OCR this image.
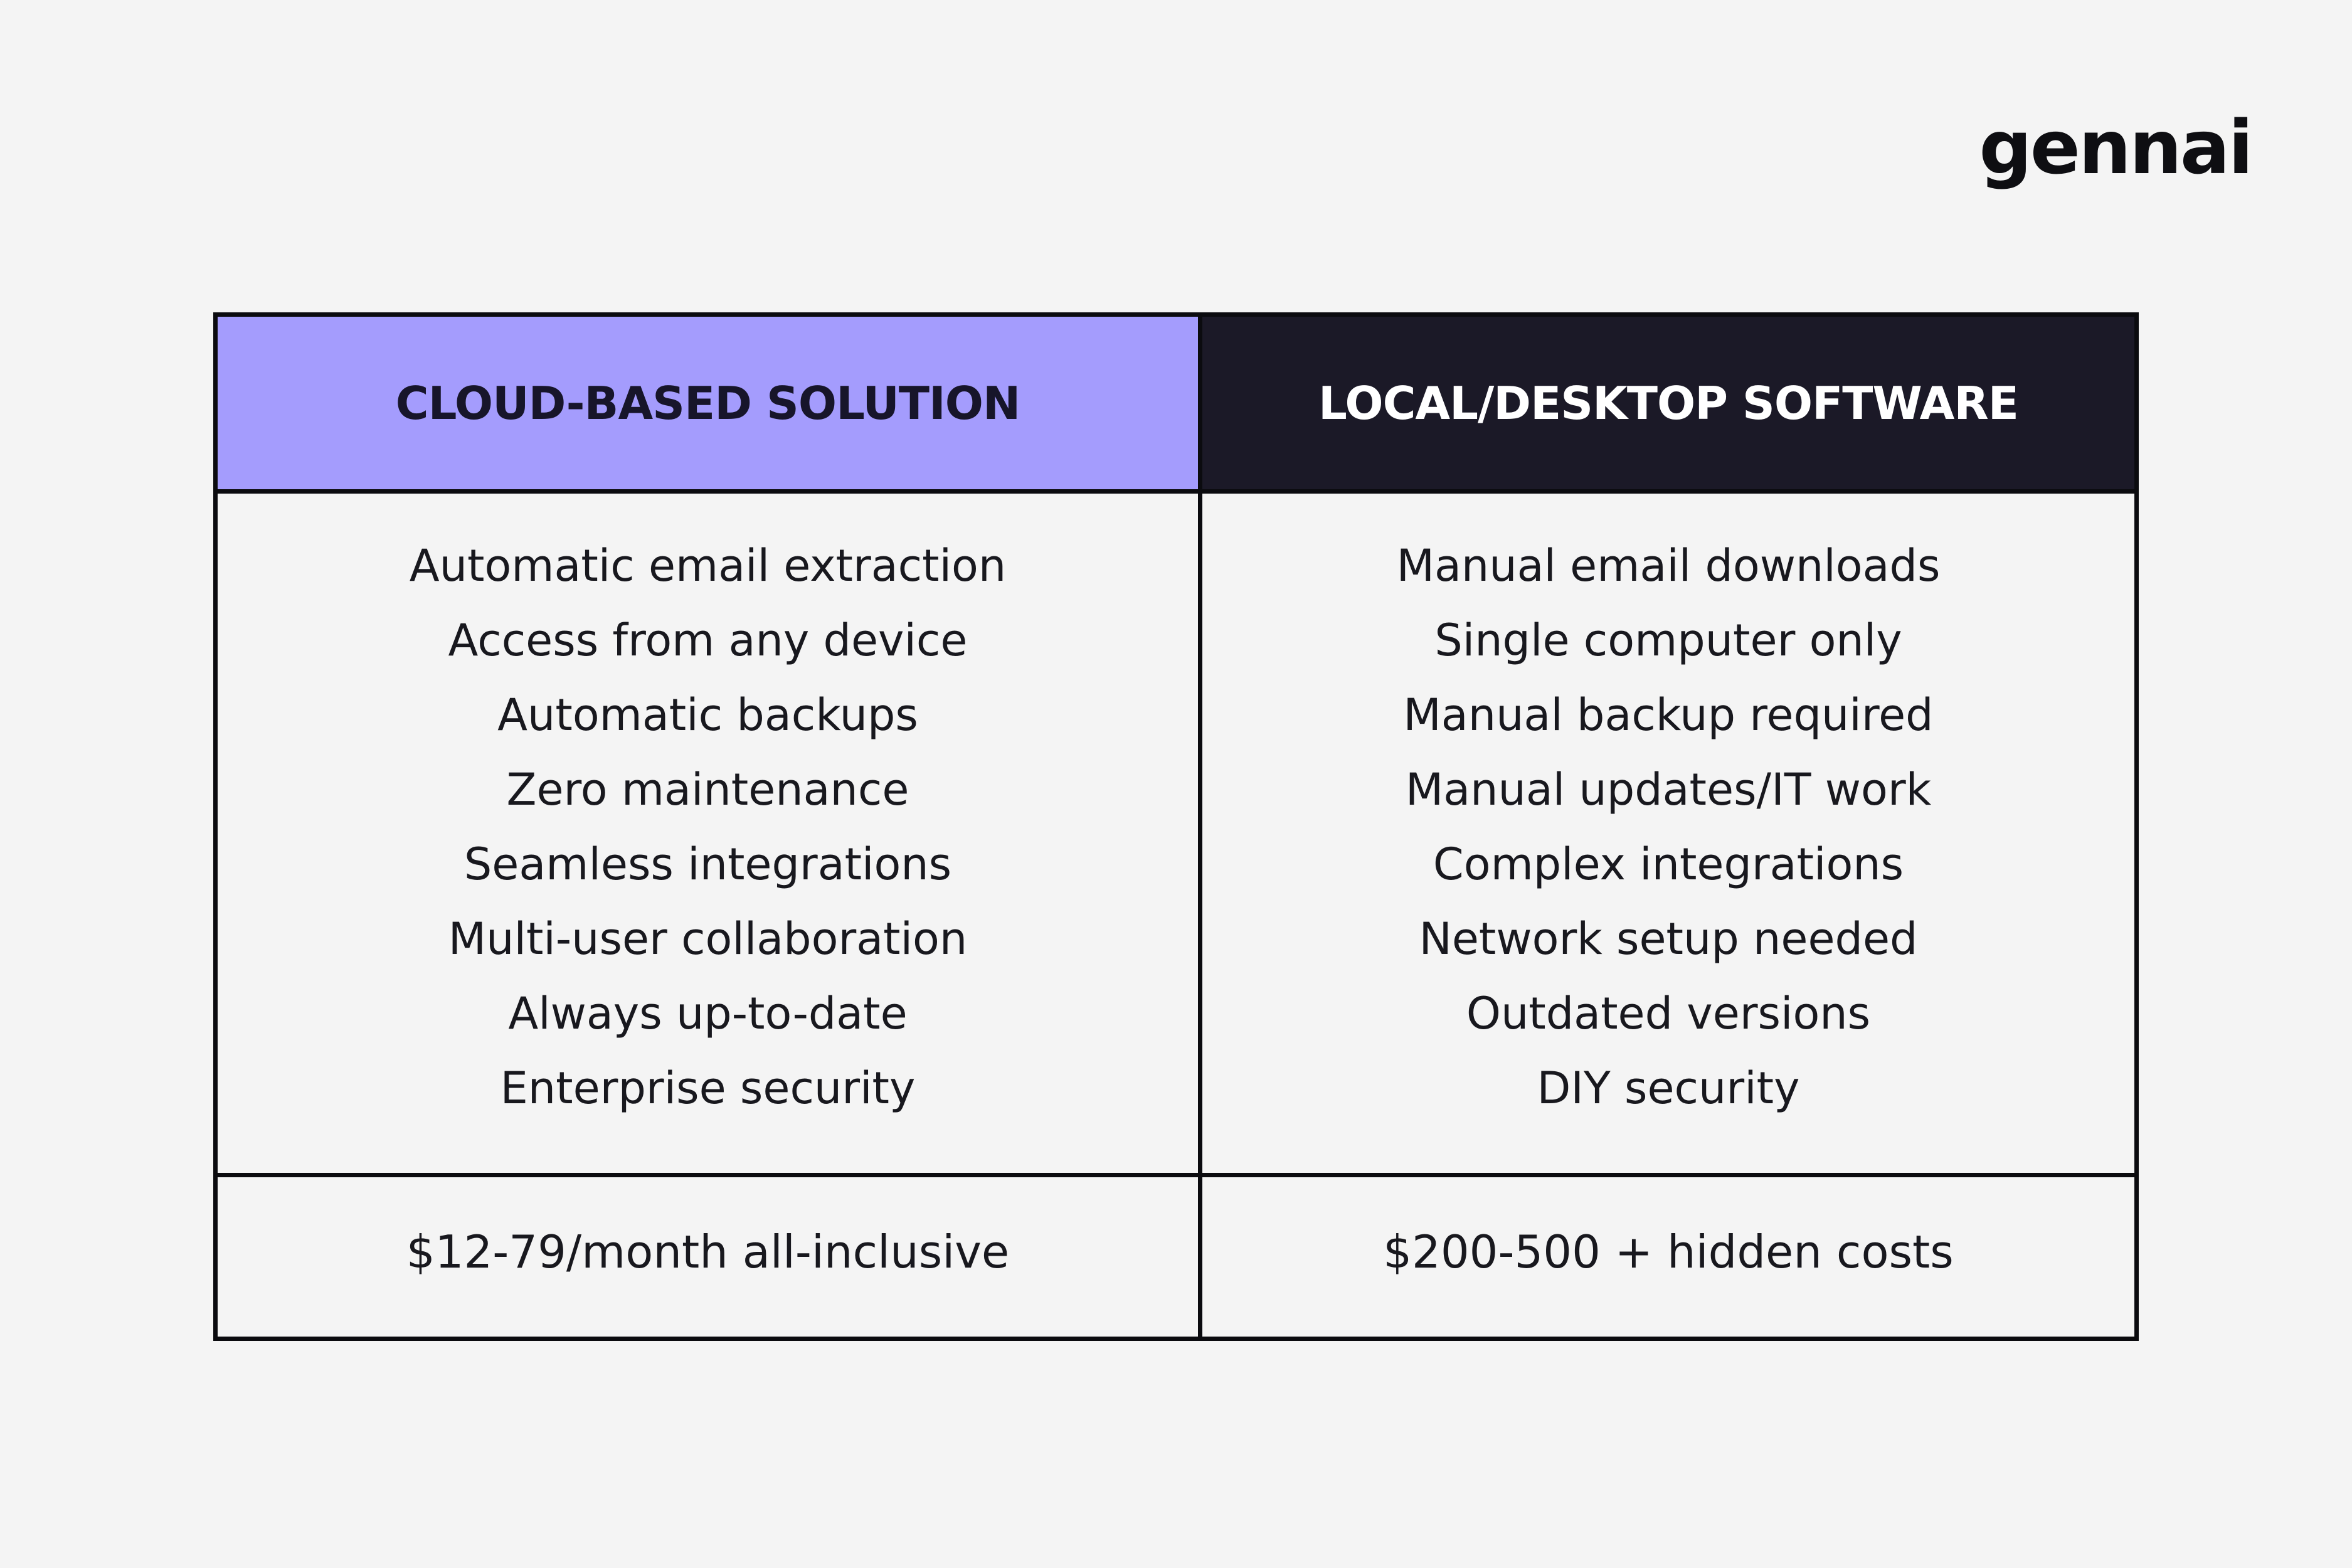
gennai
CLOUD-BASED SOLUTION	LOCAL/DESKTOP SOFTWARE
Automatic email extraction
Access from any device
Automatic backups
Zero maintenance
Seamless integrations
Multi-user collaboration
Always up-to-date
Enterprise security
Manual email downloads
Single computer only
Manual backup required
Manual updates/IT work
Complex integrations
Network setup needed
Outdated versions
DIY security
$12-79/month all-inclusive	$200-500 + hidden costs
